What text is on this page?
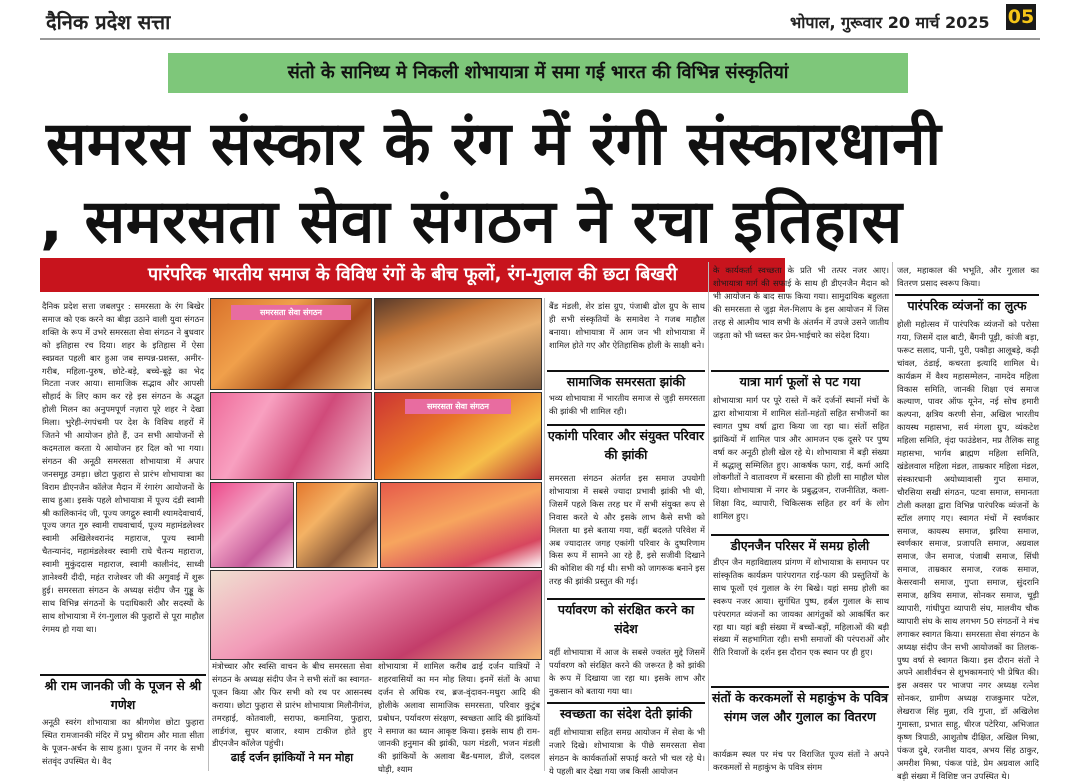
दैनिक प्रदेश सत्ता	भोपाल, गुरूवार 20 मार्च 2025 05
संतो के सानिध्य मे निकली शोभायात्रा में समा गई भारत की विभिन्न संस्कृतियां
समरस संस्कार के रंग में रंगी संस्कारधानी
, समरसता सेवा संगठन ने रचा इतिहास
पारंपरिक भारतीय समाज के विविध रंगों के बीच फूलों, रंग-गुलाल की छटा बिखरी
दैनिक प्रदेश सत्ता जबलपुर : समरसता के रंग बिखेर समाज को एक करने का बीड़ा उठाने वाली युवा संगठन शक्ति के रूप में उभरे समरसता सेवा संगठन ने बुधवार को इतिहास रच दिया। शहर के इतिहास में ऐसा स्वप्नवत पहली बार हुआ जब सम्पन्न-प्रशस्त, अमीर-गरीब, महिला-पुरुष, छोटे-बड़े, बच्चे-बूढ़े का भेद मिटता नजर आया। सामाजिक सद्भाव और आपसी सौहार्द के लिए काम कर रहे इस संगठन के अद्भुत होली मिलन का अनुपमपूर्ण नज़ारा पूरे शहर ने देखा मिला। भुरेही-रंगपंचमी पर देश के विविध शहरों में जितने भी आयोजन होते हैं, उन सभी आयोजनों से कदमताल करता ये आयोजन हर दिल को भा गया। संगठन की अनूठी समरसता शोभायात्रा में अपार जनसमूह उमड़ा। छोटा फुहारा से प्रारंभ शोभायात्रा का विराम डीएनजैन कॉलेज मैदान में रंगारंग आयोजनों के साथ हुआ। इसके पहले शोभायात्रा में पूज्य दंडी स्वामी श्री कालिकानंद जी, पूज्य जगद्गुरु स्वामी श्यामदेवाचार्य, पूज्य जगत गुरु स्वामी राघवाचार्य, पूज्य महामंडलेश्वर स्वामी अखिलेश्वरानंद महाराज, पूज्य स्वामी चैतन्यानंद, महामंडलेश्वर स्वामी राघे चैतन्य महाराज, स्वामी मुकुंददास महाराज, स्वामी कालीनंद, साध्वी ज्ञानेश्वरी दीदी, महंत राजेश्वर जी की अगुवाई में शुरू हुई। समरसता संगठन के अध्यक्ष संदीप जैन गुड्डू के साथ विभिन्न संगठनों के पदाधिकारी और सदस्यों के साथ शोभायात्रा में रंग-गुलाल की फुहारों से पूरा माहौल रंगमय हो गया था।
श्री राम जानकी जी के पूजन से श्री गणेश
अनूठी स्वरंग शोभायात्रा का श्रीगणेश छोटा फुहारा स्थित रामजानकी मंदिर में प्रभु श्रीराम और माता सीता के पूजन-अर्चन के साथ हुआ। पूजन में नगर के सभी संतवृंद उपस्थित थे। वैद
समरसता सेवा संगठन
समरसता सेवा संगठन
मंत्रोच्चार और स्वस्ति वाचन के बीच समरसता सेवा संगठन के अध्यक्ष संदीप जैन ने सभी संतों का स्वागत-पूजन किया और फिर सभी को रथ पर आसनस्थ कराया। छोटा फुहारा से प्रारंभ शोभायात्रा मिलौनीगंज, तमरहाई, कोतवाली, सराफा, कमानिया, फुहारा, लार्डगंज, सुपर बाजार, श्याम टाकीज होते हुए डीएनजैन कॉलेज पहुंची।
ढाई दर्जन झांकियों ने मन मोहा
शोभायात्रा में शामिल करीब ढाई दर्जन यात्रियों ने शहरवासियों का मन मोह लिया। इनमें संतों के आधा दर्जन से अधिक रथ, ब्रज-वृंदावन-मथुरा आदि की होलीके अलावा सामाजिक समरसता, परिवार कुटुंब प्रबोधन, पर्यावरण संरक्षण, स्वच्छता आदि की झांकियों ने समाज का ध्यान आकृष्ट किया। इसके साथ ही राम-जानकी हनुमान की झांकी, फाग मंडली, भजन मंडली की झांकियों के अलावा बैंड-धमाल, डीजे, दलदल घोड़ी, श्याम
बैंड मंडली, शेर डांस ग्रुप, पंजाबी ढोल ग्रुप के साथ ही सभी संस्कृतियों के समावेश ने गजब माहौल बनाया। शोभायात्रा में आम जन भी शोभायात्रा में शामिल होते गए और ऐतिहासिक होली के साक्षी बने।
सामाजिक समरसता झांकी
भव्य शोभायात्रा में भारतीय समाज से जुड़ी समरसता की झांकी भी शामिल रही।
एकांगी परिवार और संयुक्त परिवार की झांकी
समरसता संगठन अंतर्गत इस समाज उपयोगी शोभायात्रा में सबसे ज्यादा प्रभावी झांकी भी थी, जिसमें पहले किस तरह घर में सभी संयुक्त रूप से निवास करते थे और इसके लाभ कैसे सभी को मिलता था इसे बताया गया, वहीं बदलते परिवेश में अब ज्यादातर जगह एकांगी परिवार के दुष्परिणाम किस रूप में सामने आ रहे हैं, इसे सजीवी दिखाने की कोशिश की गई थी। सभी को जागरूक बनाने इस तरह की झांकी प्रस्तुत की गई।
पर्यावरण को संरक्षित करने का संदेश
वहीं शोभायात्रा में आज के सबसे ज्वलंत मुद्दे जिसमें पर्यावरण को संरक्षित करने की जरूरत है को झांकी के रूप में दिखाया जा रहा था। इसके लाभ और नुकसान को बताया गया था।
स्वच्छता का संदेश देती झांकी
वहीं शोभायात्रा सहित समग्र आयोजन में सेवा के भी नजारे दिखे। शोभायात्रा के पीछे समरसता सेवा संगठन के कार्यकर्ताओं सफाई करते भी चल रहे थे। ये पहली बार देखा गया जब किसी आयोजन
के कार्यकर्ता स्वच्छता के प्रति भी तत्पर नजर आए। शोभायात्रा मार्ग की सफाई के साथ ही डीएनजैन मैदान को भी आयोजन के बाद साफ किया गया। सामुदायिक बहुलता की समरसता से जुड़ा मेल-मिलाप के इस आयोजन में जिस तरह से आत्मीय भाव सभी के अंतर्मन में उपजे उसने जातीय जड़ता को भी ध्वस्त कर प्रेम-भाईचारे का संदेश दिया।
यात्रा मार्ग फूलों से पट गया
शोभायात्रा मार्ग पर पूरे रास्ते में करें दर्जनों स्थानों मंचों के द्वारा शोभायात्रा में शामिल संतों-महंतों सहित सभीजनों का स्वागत पुष्प वर्षा द्वारा किया जा रहा था। संतों सहित झांकियों में शामिल पात्र और आमजन एक दूसरे पर पुष्प वर्षा कर अनूठी होली खेल रहे थे। शोभायात्रा में बड़ी संख्या में श्रद्धालु सम्मिलित हुए। आकर्षक फाग, राई, कर्मा आदि लोकगीतों ने वातावरण में बरसाना की होली सा माहौल घोल दिया। शोभायात्रा में नगर के प्रबुद्धजन, राजनीतिज्ञ, कला-शिक्षा विद, व्यापारी, चिकित्सक सहित हर वर्ग के लोग शामिल हुए।
डीएनजैन परिसर में समग्र होली
डीएन जैन महाविद्यालय प्रांगण में शोभायात्रा के समापन पर सांस्कृतिक कार्यक्रम पारंपरागत राई-फाग की प्रस्तुतियों के साथ फूलों एवं गुलाल के रंग बिखे। यहां समग्र होली का स्वरूप नजर आया। सुगंधित पुष्प, हर्बल गुलाल के साथ परंपरागत व्यंजनों का जायका आगंतुकों को आकर्षित कर रहा था। यहां बड़ी संख्या में बच्चों-बड़ों, महिलाओं की बड़ी संख्या में सहभागिता रही। सभी समाजों की परंपराओं और रीति रिवाजों के दर्शन इस दौरान एक स्थान पर ही हुए।
संतों के करकमलों से महाकुंभ के पवित्र संगम जल और गुलाल का वितरण
कार्यक्रम स्थल पर मंच पर विराजित पूज्य संतों ने अपने करकमलों से महाकुंभ के पवित्र संगम
जल, महाकाल की भभूति, और गुलाल का वितरण प्रसाद स्वरूप किया।
पारंपरिक व्यंजनों का लुत्फ
होली महोत्सव में पारंपरिक व्यंजनों को परोसा गया, जिसमें दाल बाटी, बैंगनी पूड़ी, कांजी बड़ा, फरूट सलाद, पानी, पुरी, पकौड़ा आलूबड़े, कढ़ी चांवल, ठंडाई, कचरता इत्यादि शामिल थे। कार्यक्रम में वैश्य महासम्मेलन, नामदेव महिला विकास समिति, जानकी शिक्षा एवं समाज कल्याण, पावर ऑफ यूनेन, नई सोच हमारी कल्पना, क्षत्रिय करणी सेना, अखिल भारतीय कायस्थ महासभा, सर्व मंगला ग्रुप, व्यंकटेश महिला समिति, वृंदा फाउंडेशन, मप्र तैलिक साहू महासभा, भार्गव ब्राह्मण महिला समिति, खंडेलवाल महिला मंडल, ताम्रकार महिला मंडल, संस्कारधानी अयोध्यावासी गुप्त समाज, चौरसिया सखी संगठन, पटवा समाज, समानता टोली कलक्षा द्वारा विभिन्न पारंपरिक व्यंजनों के स्टॉल लगाए गए। स्वागत मंचों में स्वर्णकार समाज, कायस्थ समाज, झरिया समाज, स्वर्णकार समाज, प्रजापति समाज, अग्रवाल समाज, जैन समाज, पंजाबी समाज, सिंधी समाज, ताम्रकार समाज, रजक समाज, केसरवानी समाज, गुप्ता समाज, सुंदरानि समाज, क्षत्रिय समाज, सोनकर समाज, चूड़ी व्यापारी, गांधीपुरा व्यापारी संघ, मालवीय चौक व्यापारी संघ के साथ लगभग 50 संगठनों ने मंच लगाकर स्वागत किया। समरसता सेवा संगठन के अध्यक्ष संदीप जैन सभी आयोजकों का तिलक-पुष्प वर्षा से स्वागत किया। इस दौरान संतों ने अपने आशीर्वचन से शुभकामनाएं भी प्रेषित की। इस अवसर पर भाजपा नगर अध्यक्ष रत्नेश सोनकर, ग्रामीण अध्यक्ष राजकुमार पटेल, लेखराज सिंह मुन्ना, रवि गुप्ता, डॉ अखिलेश गुमास्ता, प्रभात साहू, धीरज पटेरिया, अभिजात कृष्ण त्रिपाठी, आशुतोष दीक्षित, अखिल मिश्रा, पंकज दुबे, रजनीश यादव, अभय सिंह ठाकुर, अमरीश मिश्रा, पंकज पांडे, प्रेम अग्रवाल आदि बड़ी संख्या में विशिष्ट जन उपस्थित थे।
